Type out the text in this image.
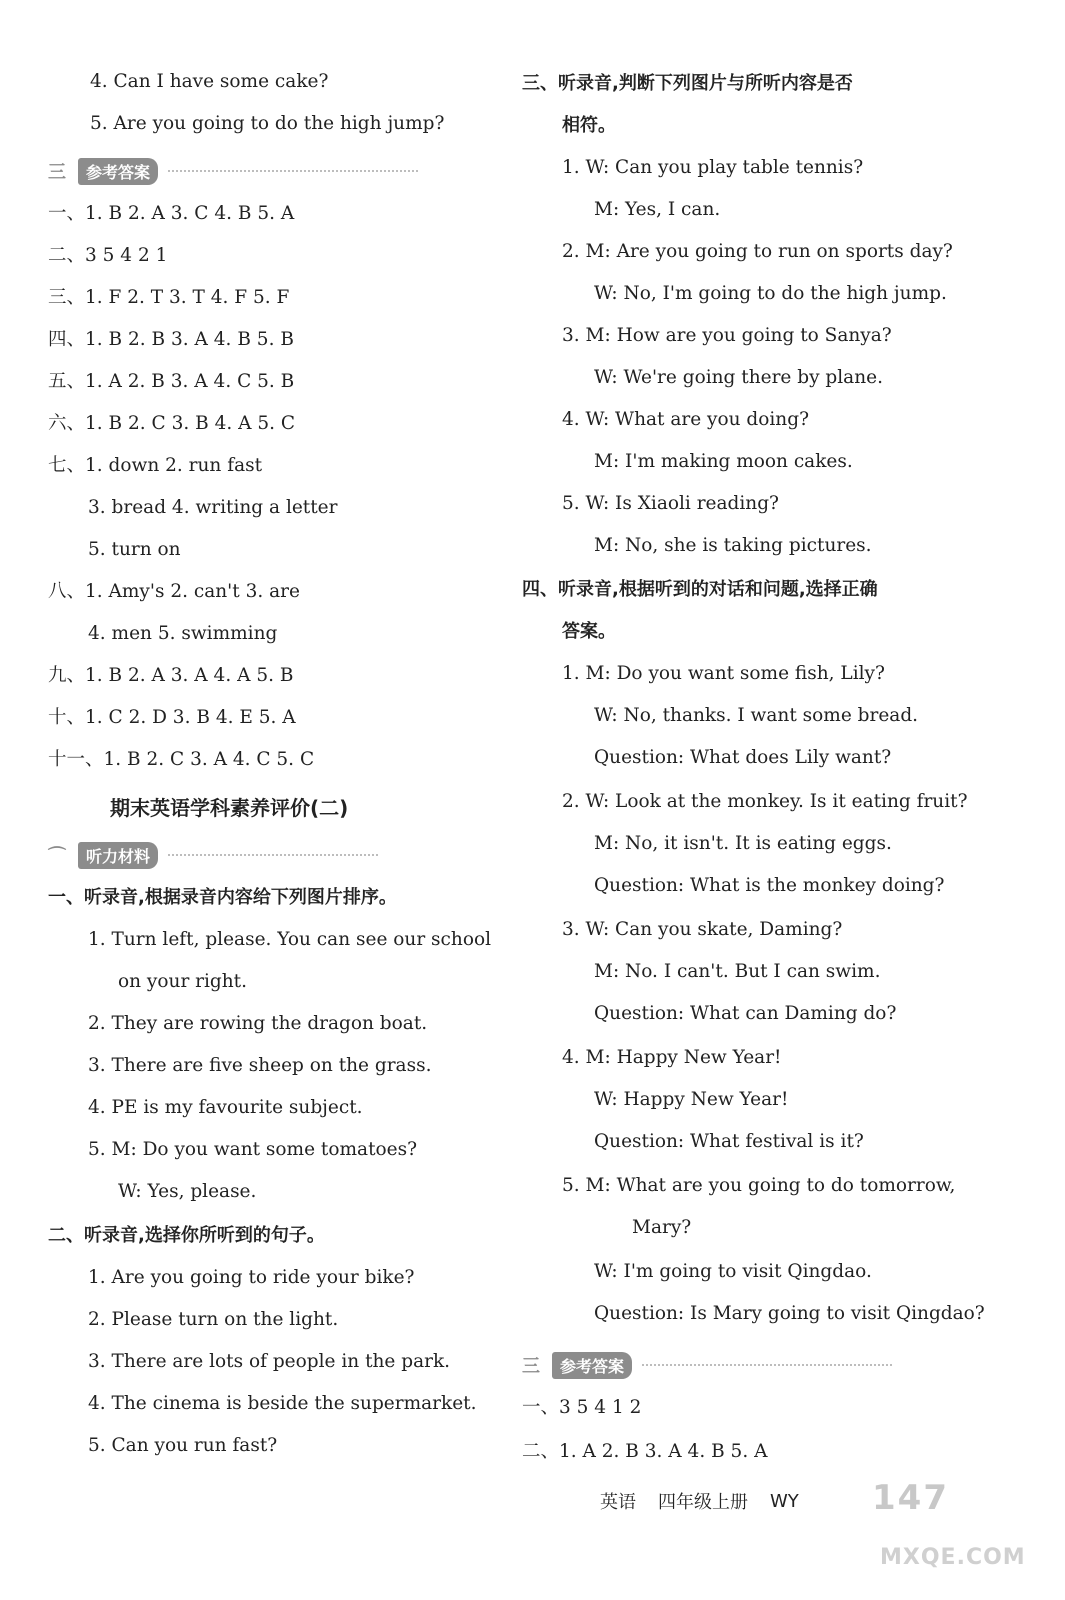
4. Can I have some cake?
5. Are you going to do the high jump?
三	参考答案
一、1. B 2. A 3. C 4. B 5. A
二、3 5 4 2 1
三、1. F 2. T 3. T 4. F 5. F
四、1. B 2. B 3. A 4. B 5. B
五、1. A 2. B 3. A 4. C 5. B
六、1. B 2. C 3. B 4. A 5. C
七、1. down 2. run fast
3. bread 4. writing a letter
5. turn on
八、1. Amy's 2. can't 3. are
4. men 5. swimming
九、1. B 2. A 3. A 4. A 5. B
十、1. C 2. D 3. B 4. E 5. A
十一、1. B 2. C 3. A 4. C 5. C
期末英语学科素养评价(二)
⌒	听力材料
一、听录音,根据录音内容给下列图片排序。
1. Turn left, please. You can see our school
on your right.
2. They are rowing the dragon boat.
3. There are five sheep on the grass.
4. PE is my favourite subject.
5. M: Do you want some tomatoes?
W: Yes, please.
二、听录音,选择你所听到的句子。
1. Are you going to ride your bike?
2. Please turn on the light.
3. There are lots of people in the park.
4. The cinema is beside the supermarket.
5. Can you run fast?
三、听录音,判断下列图片与所听内容是否
相符。
1. W: Can you play table tennis?
M: Yes, I can.
2. M: Are you going to run on sports day?
W: No, I'm going to do the high jump.
3. M: How are you going to Sanya?
W: We're going there by plane.
4. W: What are you doing?
M: I'm making moon cakes.
5. W: Is Xiaoli reading?
M: No, she is taking pictures.
四、听录音,根据听到的对话和问题,选择正确
答案。
1. M: Do you want some fish, Lily?
W: No, thanks. I want some bread.
Question: What does Lily want?
2. W: Look at the monkey. Is it eating fruit?
M: No, it isn't. It is eating eggs.
Question: What is the monkey doing?
3. W: Can you skate, Daming?
M: No. I can't. But I can swim.
Question: What can Daming do?
4. M: Happy New Year!
W: Happy New Year!
Question: What festival is it?
5. M: What are you going to do tomorrow,
Mary?
W: I'm going to visit Qingdao.
Question: Is Mary going to visit Qingdao?
三	参考答案
一、3 5 4 1 2
二、1. A 2. B 3. A 4. B 5. A
英语 四年级上册 WY 147
MXQE.COM
